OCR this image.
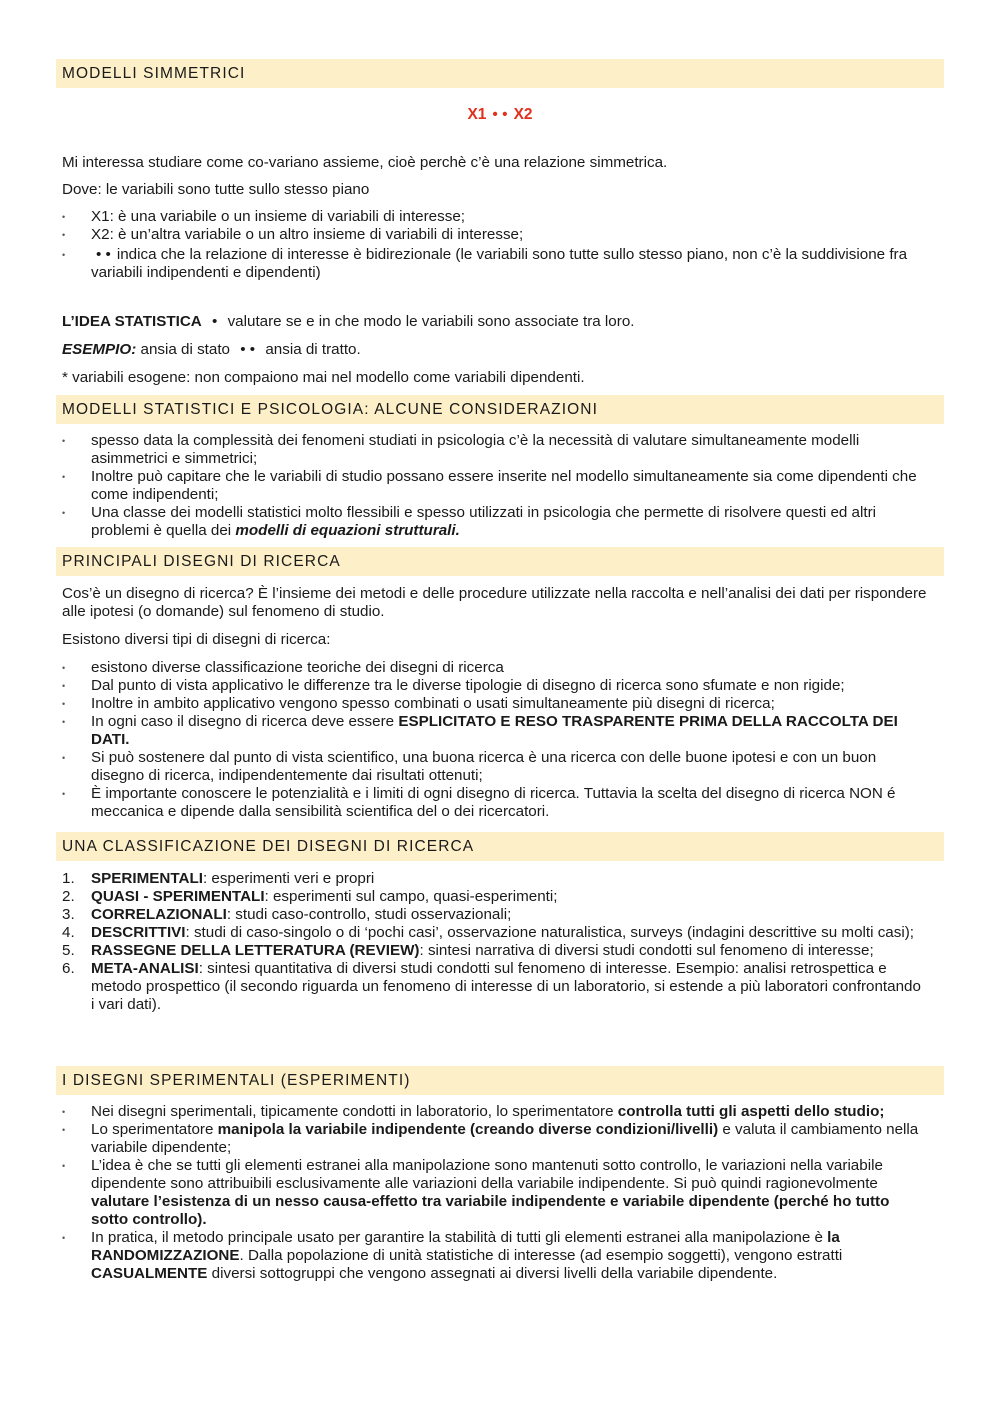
MODELLI SIMMETRICI
X1 • • X2

Mi interessa studiare come co-variano assieme, cioè perchè c’è una relazione simmetrica.

Dove: le variabili sono tutte sullo stesso piano

• X1: è una variabile o un insieme di variabili di interesse;
• X2: è un’altra variabile o un altro insieme di variabili di interesse;
• • • indica che la relazione di interesse è bidirezionale (le variabili sono tutte sullo stesso piano, non c’è la suddivisione fra variabili indipendenti e dipendenti)

L’IDEA STATISTICA • valutare se e in che modo le variabili sono associate tra loro.

ESEMPIO: ansia di stato • • ansia di tratto.

* variabili esogene: non compaiono mai nel modello come variabili dipendenti.

MODELLI STATISTICI E PSICOLOGIA: ALCUNE CONSIDERAZIONI
• spesso data la complessità dei fenomeni studiati in psicologia c’è la necessità di valutare simultaneamente modelli asimmetrici e simmetrici;
• Inoltre può capitare che le variabili di studio possano essere inserite nel modello simultaneamente sia come dipendenti che come indipendenti;
• Una classe dei modelli statistici molto flessibili e spesso utilizzati in psicologia che permette di risolvere questi ed altri problemi è quella dei modelli di equazioni strutturali.
PRINCIPALI DISEGNI DI RICERCA

Cos’è un disegno di ricerca? È l’insieme dei metodi e delle procedure utilizzate nella raccolta e nell’analisi dei dati per rispondere alle ipotesi (o domande) sul fenomeno di studio.

Esistono diversi tipi di disegni di ricerca:

• esistono diverse classificazione teoriche dei disegni di ricerca
• Dal punto di vista applicativo le differenze tra le diverse tipologie di disegno di ricerca sono sfumate e non rigide;
• Inoltre in ambito applicativo vengono spesso combinati o usati simultaneamente più disegni di ricerca;
• In ogni caso il disegno di ricerca deve essere ESPLICITATO E RESO TRASPARENTE PRIMA DELLA RACCOLTA DEI DATI.
• Si può sostenere dal punto di vista scientifico, una buona ricerca è una ricerca con delle buone ipotesi e con un buon disegno di ricerca, indipendentemente dai risultati ottenuti;
• È importante conoscere le potenzialità e i limiti di ogni disegno di ricerca. Tuttavia la scelta del disegno di ricerca NON é meccanica e dipende dalla sensibilità scientifica del o dei ricercatori.
UNA CLASSIFICAZIONE DEI DISEGNI DI RICERCA
1. SPERIMENTALI: esperimenti veri e propri
2. QUASI - SPERIMENTALI: esperimenti sul campo, quasi-esperimenti;
3. CORRELAZIONALI: studi caso-controllo, studi osservazionali;
4. DESCRITTIVI: studi di caso-singolo o di ‘pochi casi’, osservazione naturalistica, surveys (indagini descrittive su molti casi);
5. RASSEGNE DELLA LETTERATURA (REVIEW): sintesi narrativa di diversi studi condotti sul fenomeno di interesse;
6. META-ANALISI: sintesi quantitativa di diversi studi condotti sul fenomeno di interesse. Esempio: analisi retrospettica e metodo prospettico (il secondo riguarda un fenomeno di interesse di un laboratorio, si estende a più laboratori confrontando i vari dati).
I DISEGNI SPERIMENTALI (ESPERIMENTI)
• Nei disegni sperimentali, tipicamente condotti in laboratorio, lo sperimentatore controlla tutti gli aspetti dello studio;
• Lo sperimentatore manipola la variabile indipendente (creando diverse condizioni/livelli) e valuta il cambiamento nella variabile dipendente;
• L’idea è che se tutti gli elementi estranei alla manipolazione sono mantenuti sotto controllo, le variazioni nella variabile dipendente sono attribuibili esclusivamente alle variazioni della variabile indipendente. Si può quindi ragionevolmente valutare l’esistenza di un nesso causa-effetto tra variabile indipendente e variabile dipendente (perché ho tutto sotto controllo).
• In pratica, il metodo principale usato per garantire la stabilità di tutti gli elementi estranei alla manipolazione è la RANDOMIZZAZIONE. Dalla popolazione di unità statistiche di interesse (ad esempio soggetti), vengono estratti CASUALMENTE diversi sottogruppi che vengono assegnati ai diversi livelli della variabile dipendente.
